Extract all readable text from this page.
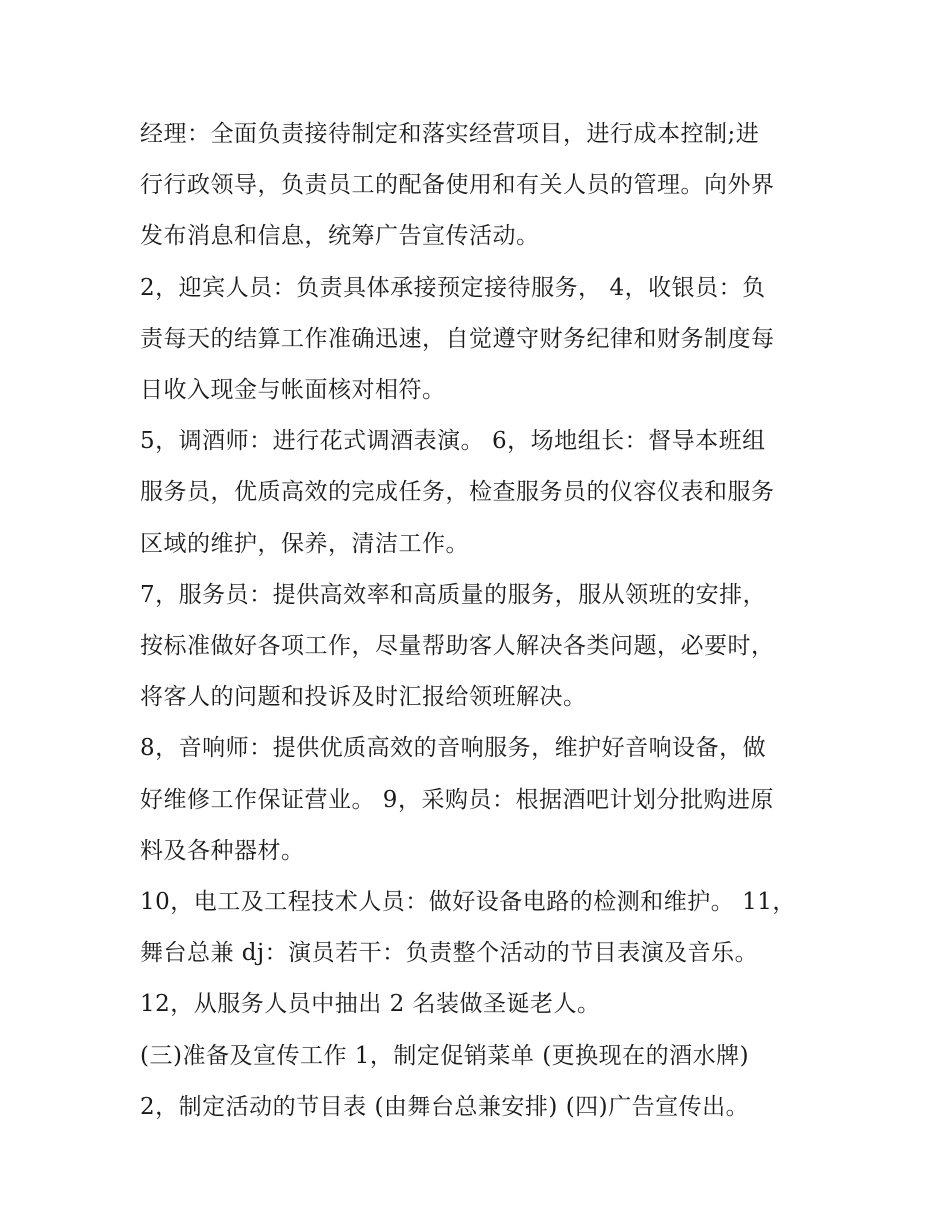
经理：全面负责接待制定和落实经营项目，进行成本控制;进

行行政领导，负责员工的配备使用和有关人员的管理。向外界

发布消息和信息，统筹广告宣传活动。

2，迎宾人员：负责具体承接预定接待服务， 4，收银员：负

责每天的结算工作准确迅速，自觉遵守财务纪律和财务制度每

日收入现金与帐面核对相符。

5，调酒师：进行花式调酒表演。 6，场地组长：督导本班组

服务员，优质高效的完成任务，检查服务员的仪容仪表和服务

区域的维护，保养，清洁工作。

7，服务员：提供高效率和高质量的服务，服从领班的安排，

按标准做好各项工作，尽量帮助客人解决各类问题，必要时，

将客人的问题和投诉及时汇报给领班解决。

8，音响师：提供优质高效的音响服务，维护好音响设备，做

好维修工作保证营业。 9，采购员：根据酒吧计划分批购进原

料及各种器材。

10，电工及工程技术人员：做好设备电路的检测和维护。 11，

舞台总兼 dj：演员若干：负责整个活动的节目表演及音乐。

12，从服务人员中抽出 2 名装做圣诞老人。

(三)准备及宣传工作 1，制定促销菜单 (更换现在的酒水牌)

2，制定活动的节目表 (由舞台总兼安排) (四)广告宣传出。
